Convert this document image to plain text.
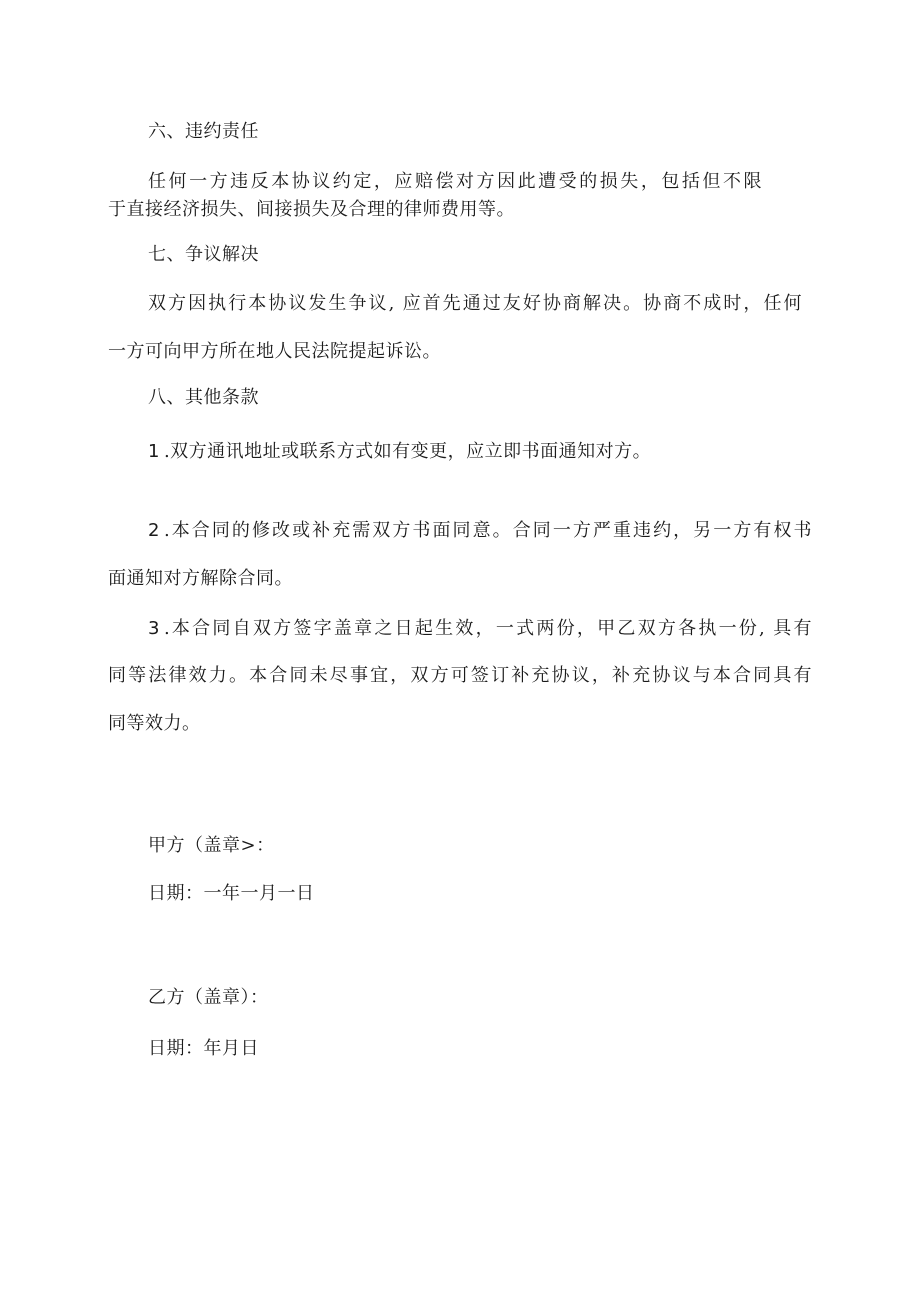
六、违约责任
任何一方违反本协议约定，应赔偿对方因此遭受的损失，包括但不限
于直接经济损失、间接损失及合理的律师费用等。
七、争议解决
双方因执行本协议发生争议, 应首先通过友好协商解决。协商不成时，任何
一方可向甲方所在地人民法院提起诉讼。
八、其他条款
1 .双方通讯地址或联系方式如有变更，应立即书面通知对方。
2 .本合同的修改或补充需双方书面同意。合同一方严重违约，另一方有权书
面通知对方解除合同。
3 .本合同自双方签字盖章之日起生效，一式两份，甲乙双方各执一份, 具有
同等法律效力。本合同未尽事宜，双方可签订补充协议，补充协议与本合同具有
同等效力。
甲方（盖章>：
日期：一年一月一日
乙方（盖章）：
日期：年月日
